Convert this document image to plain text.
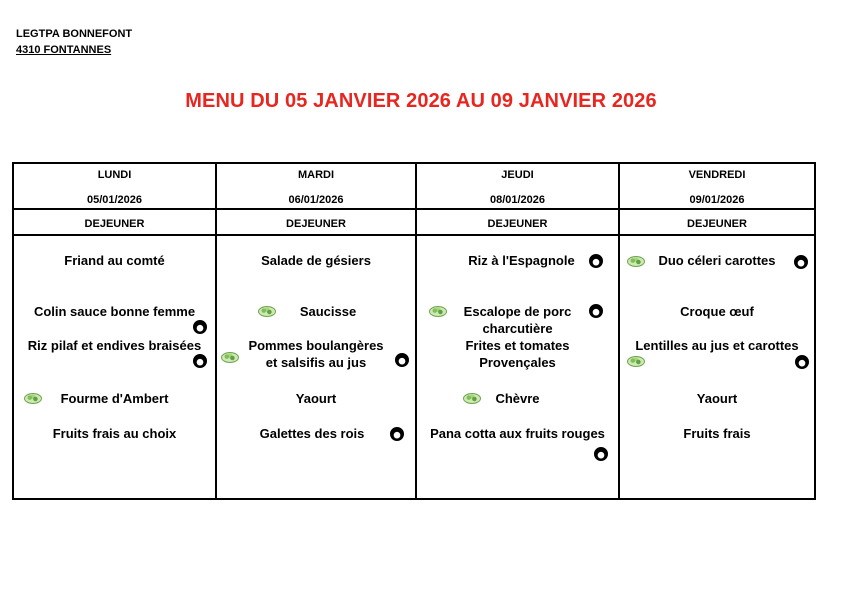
LEGTPA BONNEFONT
4310 FONTANNES
MENU DU 05 JANVIER 2026 AU 09 JANVIER 2026
LUNDI
05/01/2026
DEJEUNER
Friand au comté
Colin sauce bonne femme
Riz pilaf et endives braisées
Fourme d'Ambert
Fruits frais au choix
MARDI
06/01/2026
DEJEUNER
Salade de gésiers
Saucisse
Pommes boulangères
et salsifis au jus
Yaourt
Galettes des rois
JEUDI
08/01/2026
DEJEUNER
Riz à l'Espagnole
Escalope de porc
charcutière
Frites et tomates
Provençales
Chèvre
Pana cotta aux fruits rouges
VENDREDI
09/01/2026
DEJEUNER
Duo céleri carottes
Croque œuf
Lentilles au jus et carottes
Yaourt
Fruits frais
